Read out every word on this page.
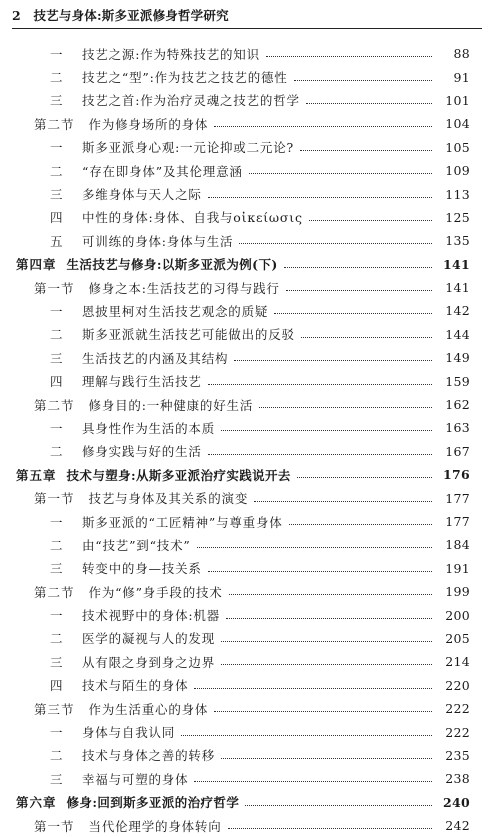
2 技艺与身体:斯多亚派修身哲学研究
一	技艺之源:作为特殊技艺的知识	88
二	技艺之“型”:作为技艺之技艺的德性	91
三	技艺之首:作为治疗灵魂之技艺的哲学	101
第二节 作为修身场所的身体	104
一	斯多亚派身心观:一元论抑或二元论?	105
二	“存在即身体”及其伦理意涵	109
三	多维身体与天人之际	113
四	中性的身体:身体、自我与οἰκείωσις	125
五	可训练的身体:身体与生活	135
第四章 生活技艺与修身:以斯多亚派为例(下)	141
第一节 修身之本:生活技艺的习得与践行	141
一	恩披里柯对生活技艺观念的质疑	142
二	斯多亚派就生活技艺可能做出的反驳	144
三	生活技艺的内涵及其结构	149
四	理解与践行生活技艺	159
第二节 修身目的:一种健康的好生活	162
一	具身性作为生活的本质	163
二	修身实践与好的生活	167
第五章 技术与塑身:从斯多亚派治疗实践说开去	176
第一节 技艺与身体及其关系的演变	177
一	斯多亚派的“工匠精神”与尊重身体	177
二	由“技艺”到“技术”	184
三	转变中的身—技关系	191
第二节 作为“修”身手段的技术	199
一	技术视野中的身体:机器	200
二	医学的凝视与人的发现	205
三	从有限之身到身之边界	214
四	技术与陌生的身体	220
第三节 作为生活重心的身体	222
一	身体与自我认同	222
二	技术与身体之善的转移	235
三	幸福与可塑的身体	238
第六章 修身:回到斯多亚派的治疗哲学	240
第一节 当代伦理学的身体转向	242
